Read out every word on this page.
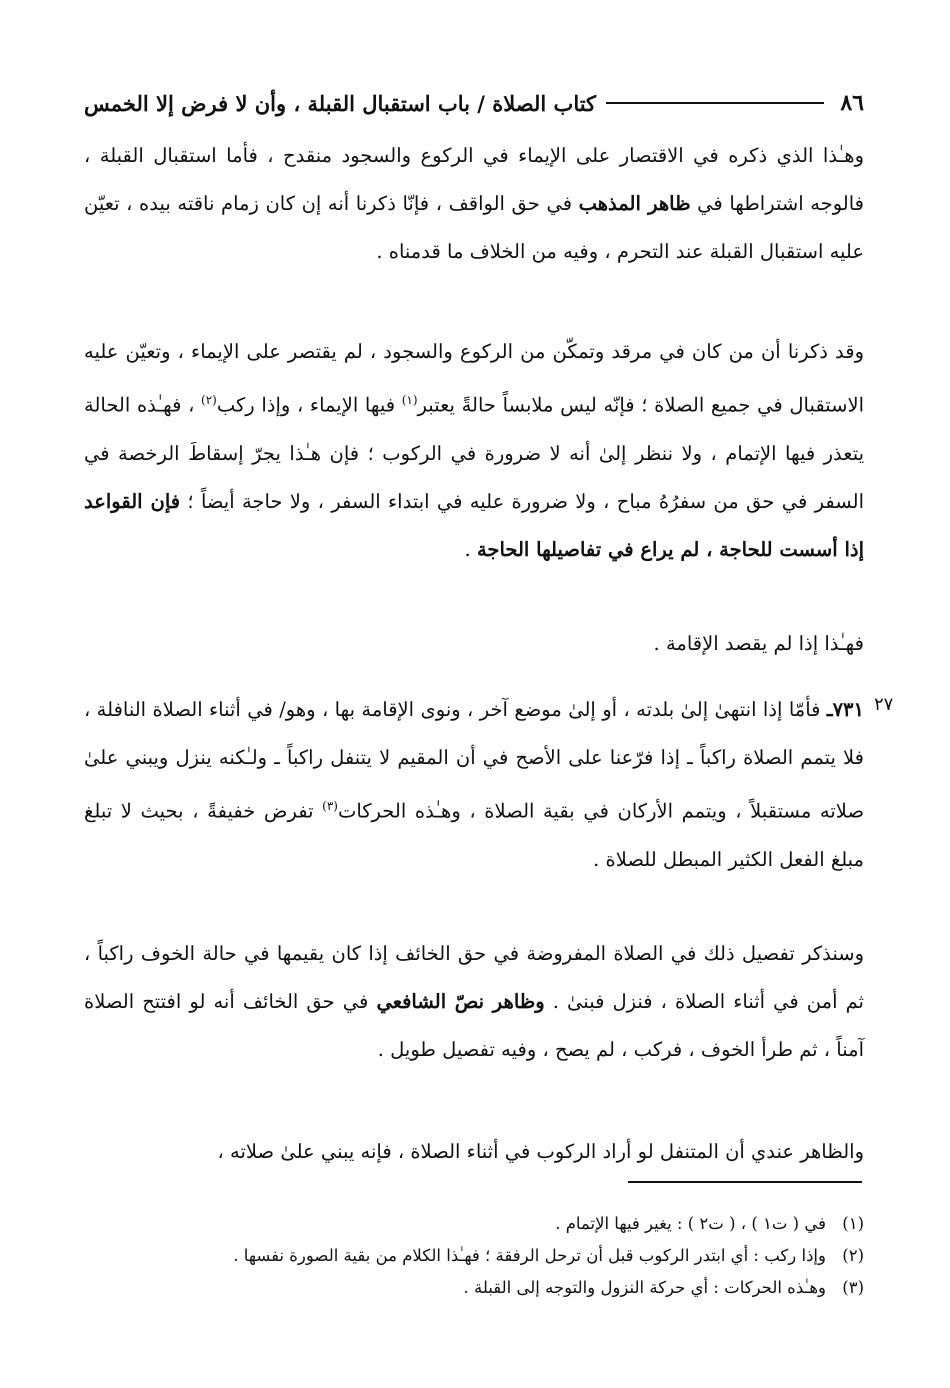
٨٦
كتاب الصلاة / باب استقبال القبلة ، وأن لا فرض إلا الخمس

وهـٰذا الذي ذكره في الاقتصار على الإيماء في الركوع والسجود منقدح ، فأما استقبال القبلة ، فالوجه اشتراطها في ظاهر المذهب في حق الواقف ، فإنّا ذكرنا أنه إن كان زمام ناقته بيده ، تعيّن عليه استقبال القبلة عند التحرم ، وفيه من الخلاف ما قدمناه .

وقد ذكرنا أن من كان في مرقد وتمكّن من الركوع والسجود ، لم يقتصر على الإيماء ، وتعيّن عليه الاستقبال في جميع الصلاة ؛ فإنّه ليس ملابساً حالةً يعتبر$^{(١)}$ فيها الإيماء ، وإذا ركب$^{(٢)}$ ، فهـٰذه الحالة يتعذر فيها الإتمام ، ولا ننظر إلىٰ أنه لا ضرورة في الركوب ؛ فإن هـٰذا يجرّ إسقاطَ الرخصة في السفر في حق من سفرُهُ مباح ، ولا ضرورة عليه في ابتداء السفر ، ولا حاجة أيضاً ؛ فإن القواعد إذا أسست للحاجة ، لم يراع في تفاصيلها الحاجة .

فهـٰذا إذا لم يقصد الإقامة .

٢٧

٧٣١ـ فأمّا إذا انتهىٰ إلىٰ بلدته ، أو إلىٰ موضع آخر ، ونوى الإقامة بها ، وهو/ في أثناء الصلاة النافلة ، فلا يتمم الصلاة راكباً ـ إذا فرّعنا على الأصح في أن المقيم لا يتنفل راكباً ـ ولـٰكنه ينزل ويبني علىٰ صلاته مستقبلاً ، ويتمم الأركان في بقية الصلاة ، وهـٰذه الحركات$^{(٣)}$ تفرض خفيفةً ، بحيث لا تبلغ مبلغ الفعل الكثير المبطل للصلاة .

وسنذكر تفصيل ذلك في الصلاة المفروضة في حق الخائف إذا كان يقيمها في حالة الخوف راكباً ، ثم أمن في أثناء الصلاة ، فنزل فبنىٰ . وظاهر نصّ الشافعي في حق الخائف أنه لو افتتح الصلاة آمناً ، ثم طرأ الخوف ، فركب ، لم يصح ، وفيه تفصيل طويل .

والظاهر عندي أن المتنفل لو أراد الركوب في أثناء الصلاة ، فإنه يبني علىٰ صلاته ،

(١)في ( ت١ ) ، ( ت٢ ) : يغير فيها الإتمام .
(٢)وإذا ركب : أي ابتدر الركوب قبل أن ترحل الرفقة ؛ فهـٰذا الكلام من بقية الصورة نفسها .
(٣)وهـٰذه الحركات : أي حركة النزول والتوجه إلى القبلة .
